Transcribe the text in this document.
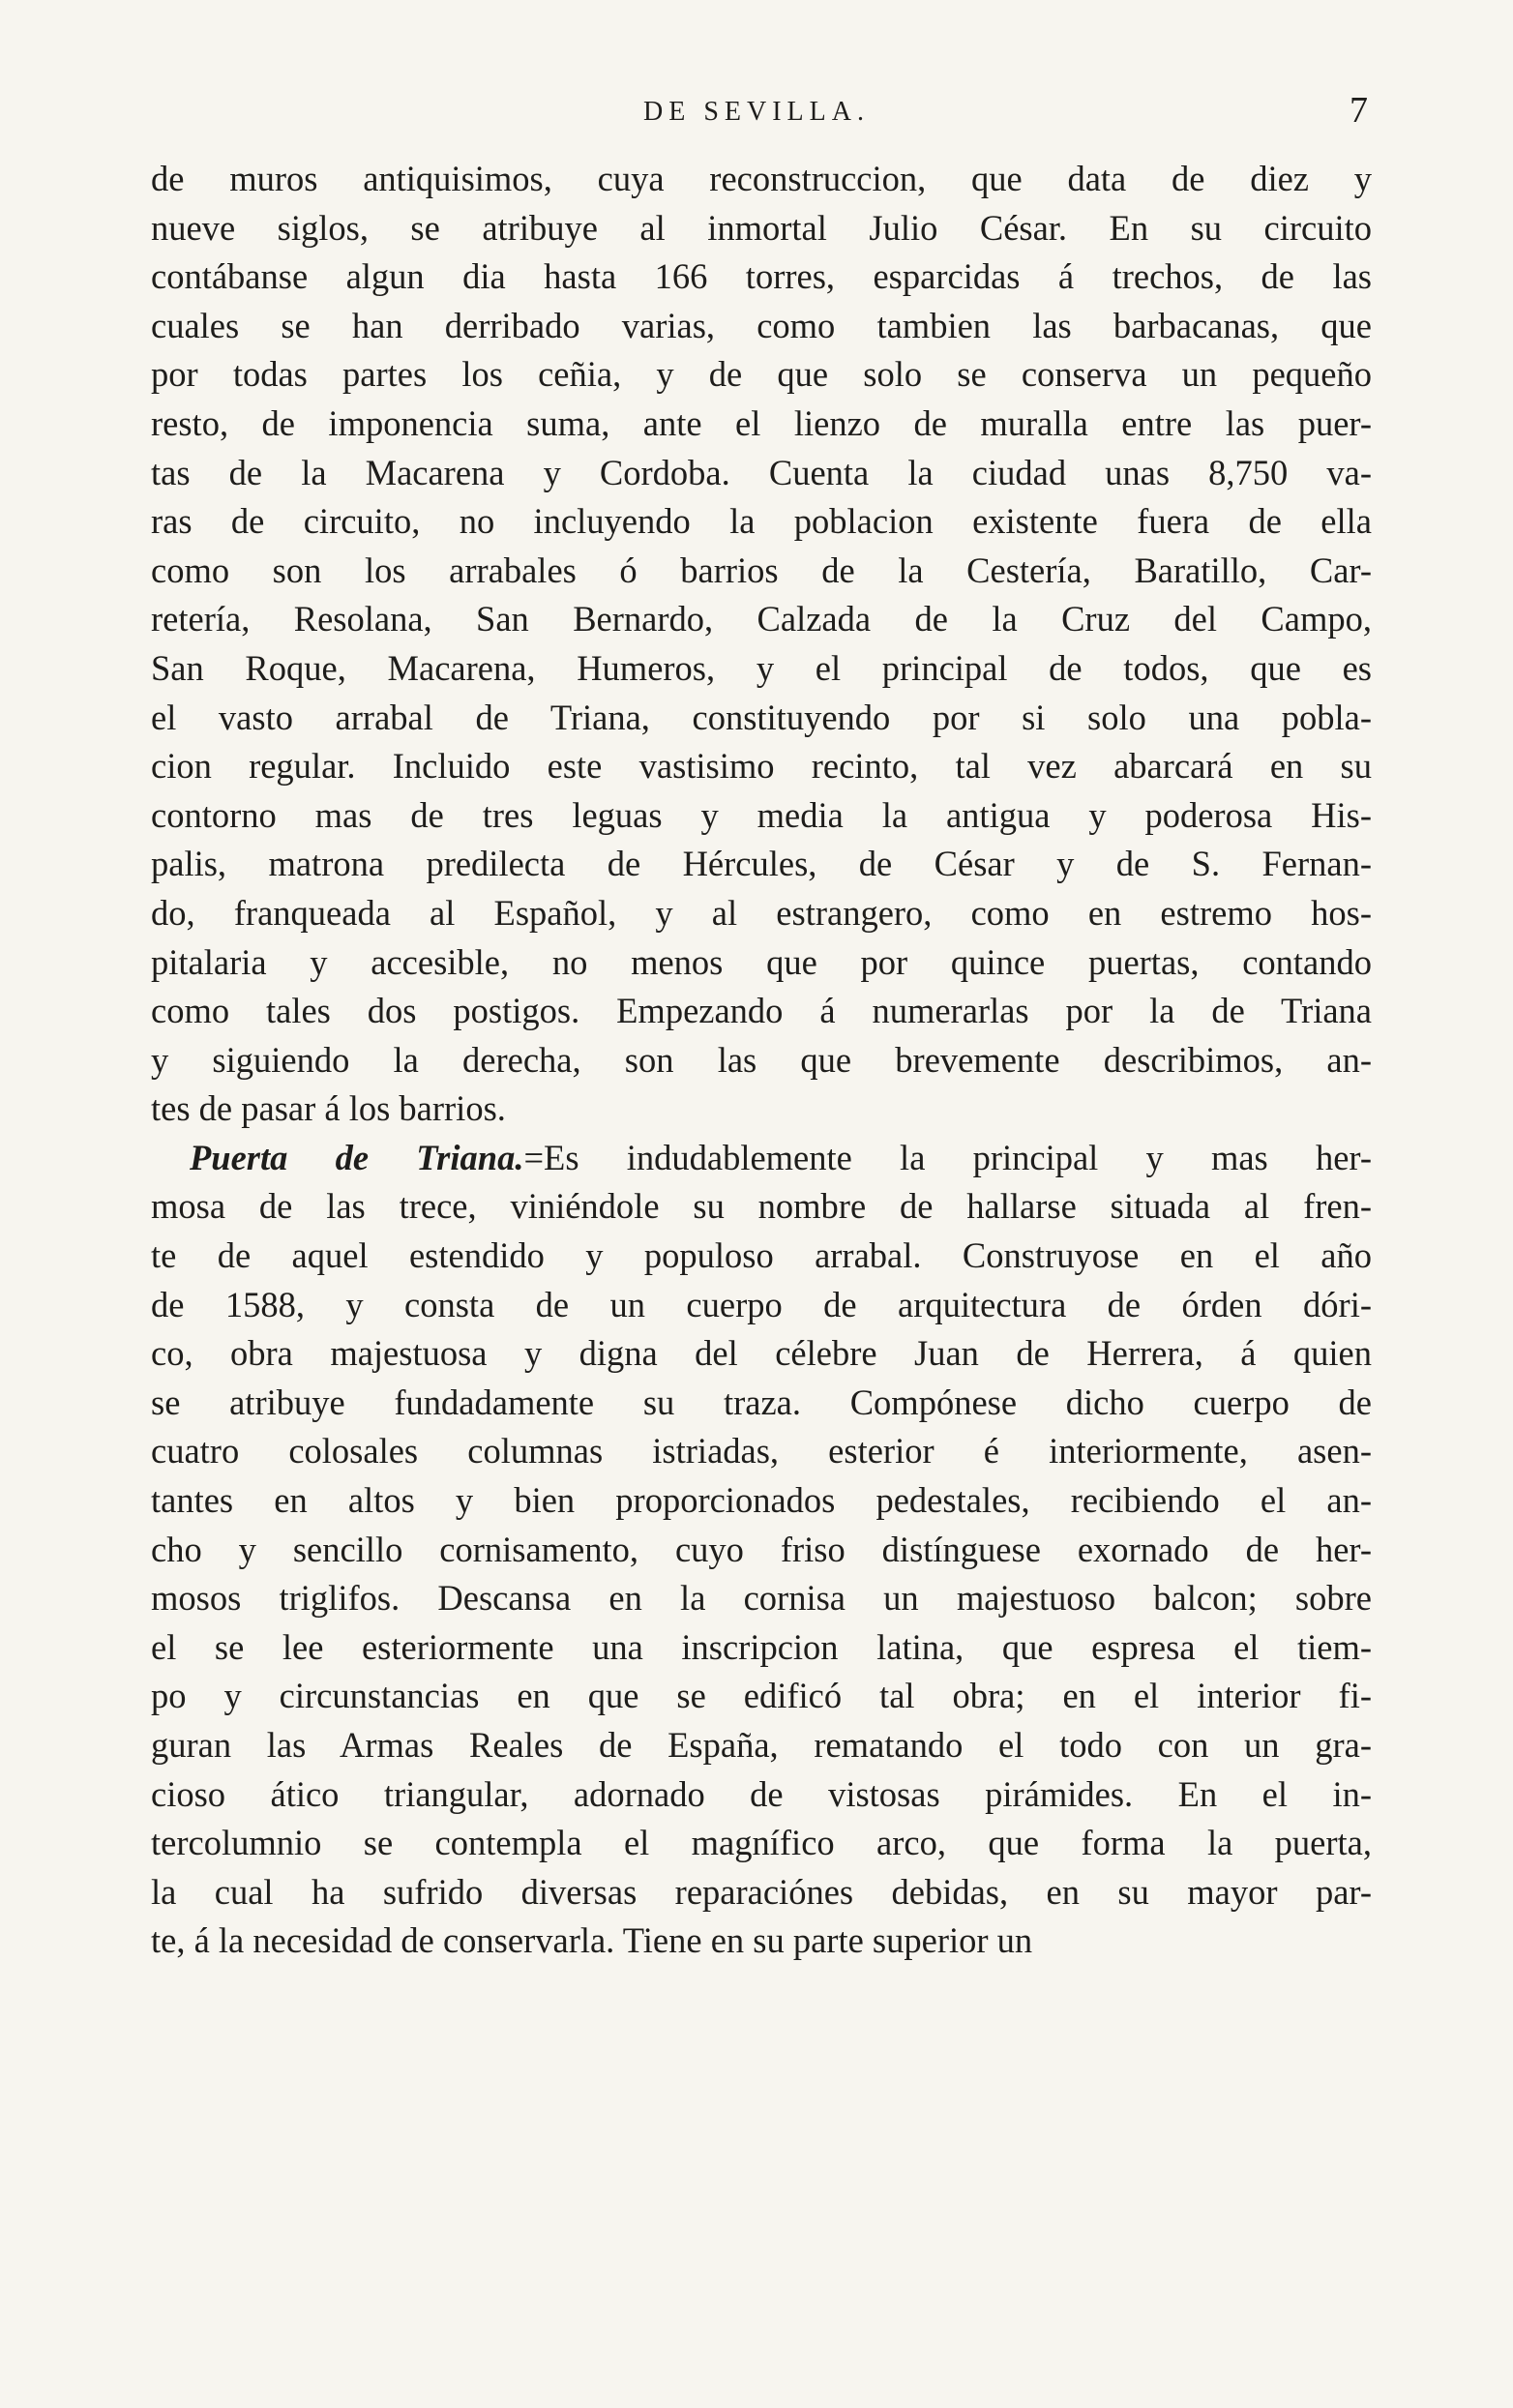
DE SEVILLA.	7
de muros antiquisimos, cuya reconstruccion, que data de diez y
nueve siglos, se atribuye al inmortal Julio César. En su circuito
contábanse algun dia hasta 166 torres, esparcidas á trechos, de las
cuales se han derribado varias, como tambien las barbacanas, que
por todas partes los ceñia, y de que solo se conserva un pequeño
resto, de imponencia suma, ante el lienzo de muralla entre las puer-
tas de la Macarena y Cordoba. Cuenta la ciudad unas 8,750 va-
ras de circuito, no incluyendo la poblacion existente fuera de ella
como son los arrabales ó barrios de la Cestería, Baratillo, Car-
retería, Resolana, San Bernardo, Calzada de la Cruz del Campo,
San Roque, Macarena, Humeros, y el principal de todos, que es
el vasto arrabal de Triana, constituyendo por si solo una pobla-
cion regular. Incluido este vastisimo recinto, tal vez abarcará en su
contorno mas de tres leguas y media la antigua y poderosa His-
palis, matrona predilecta de Hércules, de César y de S. Fernan-
do, franqueada al Español, y al estrangero, como en estremo hos-
pitalaria y accesible, no menos que por quince puertas, contando
como tales dos postigos. Empezando á numerarlas por la de Triana
y siguiendo la derecha, son las que brevemente describimos, an-
tes de pasar á los barrios.
Puerta de Triana.=Es indudablemente la principal y mas her-
mosa de las trece, viniéndole su nombre de hallarse situada al fren-
te de aquel estendido y populoso arrabal. Construyose en el año
de 1588, y consta de un cuerpo de arquitectura de órden dóri-
co, obra majestuosa y digna del célebre Juan de Herrera, á quien
se atribuye fundadamente su traza. Compónese dicho cuerpo de
cuatro colosales columnas istriadas, esterior é interiormente, asen-
tantes en altos y bien proporcionados pedestales, recibiendo el an-
cho y sencillo cornisamento, cuyo friso distínguese exornado de her-
mosos triglifos. Descansa en la cornisa un majestuoso balcon; sobre
el se lee esteriormente una inscripcion latina, que espresa el tiem-
po y circunstancias en que se edificó tal obra; en el interior fi-
guran las Armas Reales de España, rematando el todo con un gra-
cioso ático triangular, adornado de vistosas pirámides. En el in-
tercolumnio se contempla el magnífico arco, que forma la puerta,
la cual ha sufrido diversas reparaciónes debidas, en su mayor par-
te, á la necesidad de conservarla. Tiene en su parte superior un
